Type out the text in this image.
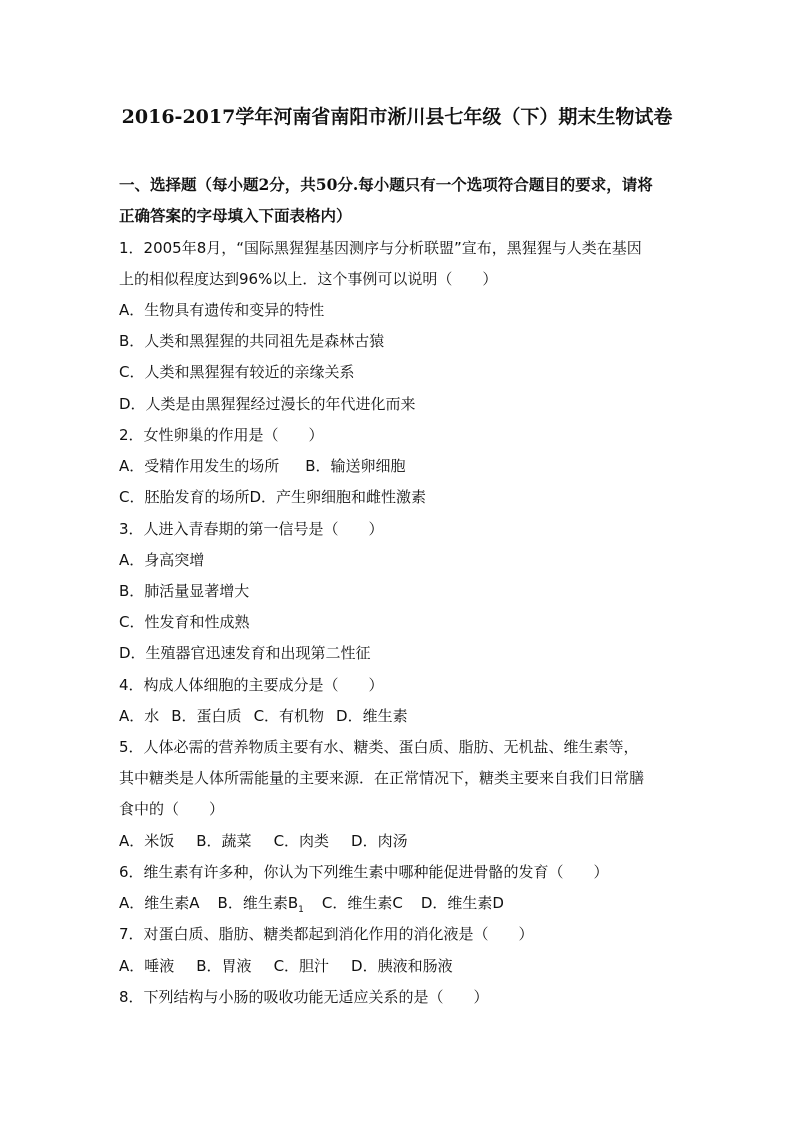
2016-2017学年河南省南阳市淅川县七年级（下）期末生物试卷
一、选择题（每小题2分，共50分.每小题只有一个选项符合题目的要求，请将
正确答案的字母填入下面表格内）
1．2005年8月，“国际黑猩猩基因测序与分析联盟”宣布，黑猩猩与人类在基因
上的相似程度达到96%以上．这个事例可以说明（　　）
A．生物具有遗传和变异的特性
B．人类和黑猩猩的共同祖先是森林古猿
C．人类和黑猩猩有较近的亲缘关系
D．人类是由黑猩猩经过漫长的年代进化而来
2．女性卵巢的作用是（　　）
A．受精作用发生的场所 B．输送卵细胞
C．胚胎发育的场所D．产生卵细胞和雌性激素
3．人进入青春期的第一信号是（　　）
A．身高突增
B．肺活量显著增大
C．性发育和性成熟
D．生殖器官迅速发育和出现第二性征
4．构成人体细胞的主要成分是（　　）
A．水 B．蛋白质 C．有机物 D．维生素
5．人体必需的营养物质主要有水、糖类、蛋白质、脂肪、无机盐、维生素等，
其中糖类是人体所需能量的主要来源．在正常情况下，糖类主要来自我们日常膳
食中的（　　）
A．米饭 B．蔬菜 C．肉类 D．肉汤
6．维生素有许多种，你认为下列维生素中哪种能促进骨骼的发育（　　）
A．维生素A B．维生素$B_1$ C．维生素C D．维生素D
7．对蛋白质、脂肪、糖类都起到消化作用的消化液是（　　）
A．唾液 B．胃液 C．胆汁 D．胰液和肠液
8．下列结构与小肠的吸收功能无适应关系的是（　　）
